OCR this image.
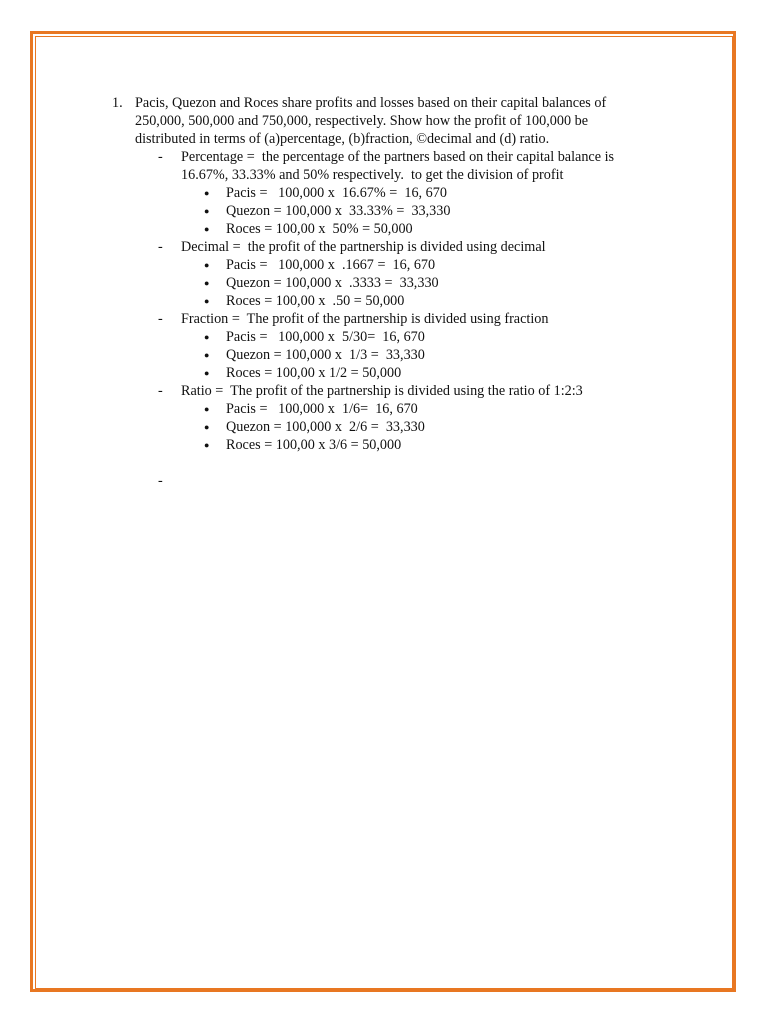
1. Pacis, Quezon and Roces share profits and losses based on their capital balances of 250,000, 500,000 and 750,000, respectively. Show how the profit of 100,000 be distributed in terms of (a)percentage, (b)fraction, ©decimal and (d) ratio.
-	Percentage =  the percentage of the partners based on their capital balance is 16.67%, 33.33% and 50% respectively.  to get the division of profit
●	Pacis =   100,000 x  16.67% =  16, 670
●	Quezon = 100,000 x  33.33% =  33,330
●	Roces = 100,00 x  50% = 50,000
-	Decimal =  the profit of the partnership is divided using decimal
●	Pacis =   100,000 x  .1667 =  16, 670
●	Quezon = 100,000 x  .3333 =  33,330
●	Roces = 100,00 x  .50 = 50,000
-	Fraction =  The profit of the partnership is divided using fraction
●	Pacis =   100,000 x  5/30=  16, 670
●	Quezon = 100,000 x  1/3 =  33,330
●	Roces = 100,00 x 1/2 = 50,000
-	Ratio =  The profit of the partnership is divided using the ratio of 1:2:3
●	Pacis =   100,000 x  1/6=  16, 670
●	Quezon = 100,000 x  2/6 =  33,330
●	Roces = 100,00 x 3/6 = 50,000
-
